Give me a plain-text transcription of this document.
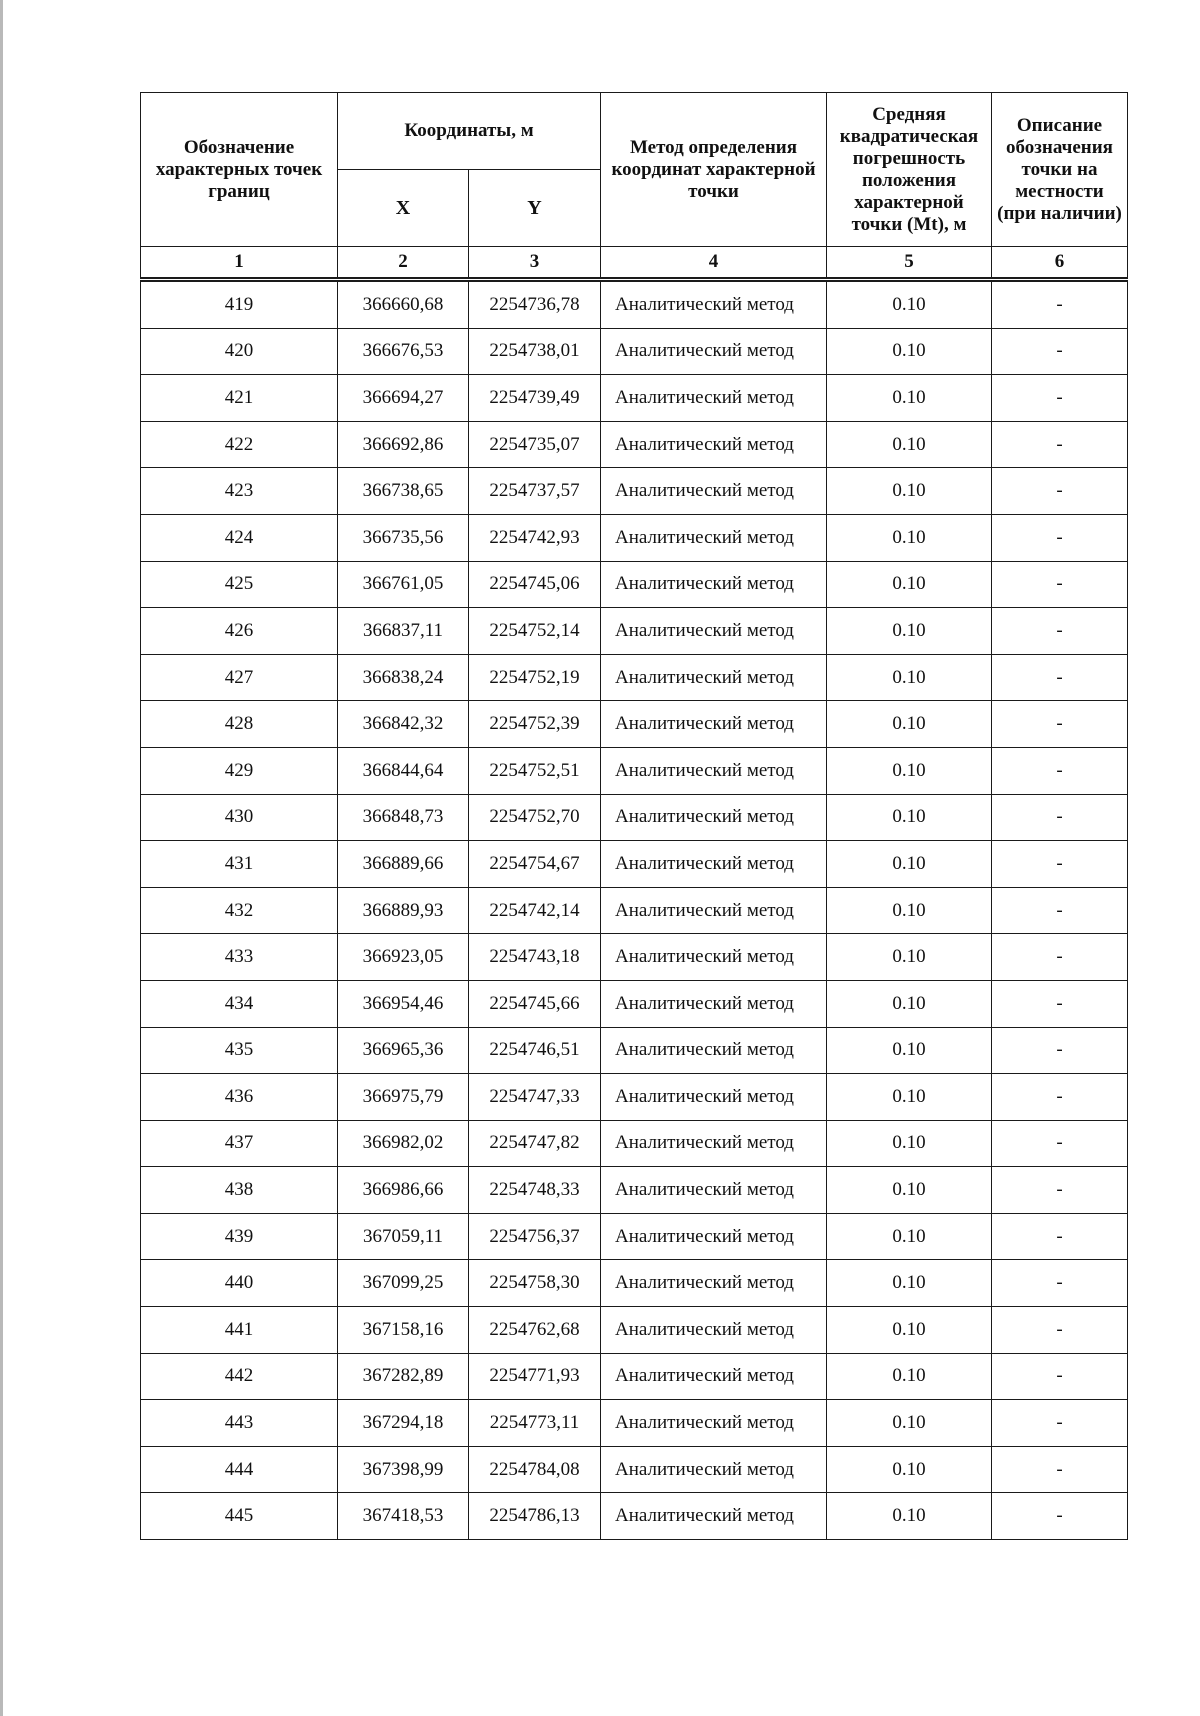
Обозначение характерных точек границ	Координаты, м		Метод определения координат характерной точки	Средняя квадратическая погрешность положения характерной точки (Mt), м	Описание обозначения точки на местности (при наличии)
	X	Y			
1	2	3	4	5	6
419	366660,68	2254736,78	Аналитический метод	0.10	-
420	366676,53	2254738,01	Аналитический метод	0.10	-
421	366694,27	2254739,49	Аналитический метод	0.10	-
422	366692,86	2254735,07	Аналитический метод	0.10	-
423	366738,65	2254737,57	Аналитический метод	0.10	-
424	366735,56	2254742,93	Аналитический метод	0.10	-
425	366761,05	2254745,06	Аналитический метод	0.10	-
426	366837,11	2254752,14	Аналитический метод	0.10	-
427	366838,24	2254752,19	Аналитический метод	0.10	-
428	366842,32	2254752,39	Аналитический метод	0.10	-
429	366844,64	2254752,51	Аналитический метод	0.10	-
430	366848,73	2254752,70	Аналитический метод	0.10	-
431	366889,66	2254754,67	Аналитический метод	0.10	-
432	366889,93	2254742,14	Аналитический метод	0.10	-
433	366923,05	2254743,18	Аналитический метод	0.10	-
434	366954,46	2254745,66	Аналитический метод	0.10	-
435	366965,36	2254746,51	Аналитический метод	0.10	-
436	366975,79	2254747,33	Аналитический метод	0.10	-
437	366982,02	2254747,82	Аналитический метод	0.10	-
438	366986,66	2254748,33	Аналитический метод	0.10	-
439	367059,11	2254756,37	Аналитический метод	0.10	-
440	367099,25	2254758,30	Аналитический метод	0.10	-
441	367158,16	2254762,68	Аналитический метод	0.10	-
442	367282,89	2254771,93	Аналитический метод	0.10	-
443	367294,18	2254773,11	Аналитический метод	0.10	-
444	367398,99	2254784,08	Аналитический метод	0.10	-
445	367418,53	2254786,13	Аналитический метод	0.10	-
